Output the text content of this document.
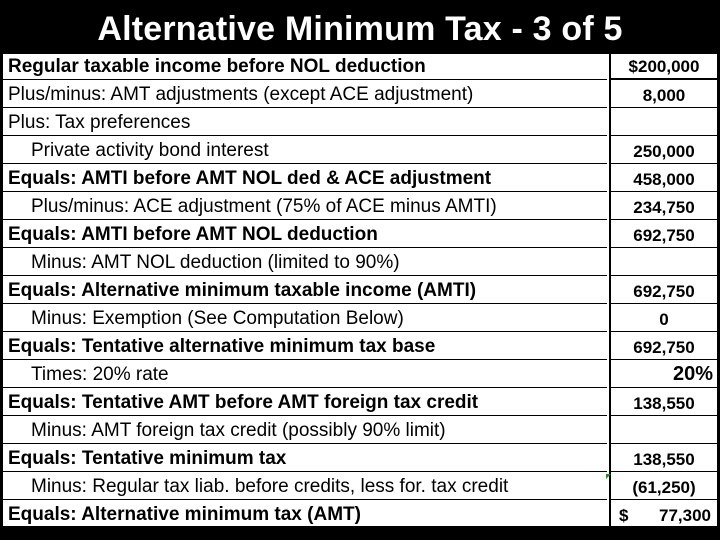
Alternative Minimum Tax - 3 of 5
Regular taxable income before NOL deduction	$200,000
Plus/minus: AMT adjustments (except ACE adjustment)	8,000
Plus: Tax preferences
Private activity bond interest	250,000
Equals: AMTI before AMT NOL ded & ACE adjustment	458,000
Plus/minus: ACE adjustment (75% of ACE minus AMTI)	234,750
Equals: AMTI before AMT NOL deduction	692,750
Minus: AMT NOL deduction (limited to 90%)
Equals: Alternative minimum taxable income (AMTI)	692,750
Minus: Exemption (See Computation Below)	0
Equals: Tentative alternative minimum tax base	692,750
Times: 20% rate	20%
Equals: Tentative AMT before AMT foreign tax credit	138,550
Minus: AMT foreign tax credit (possibly 90% limit)
Equals: Tentative minimum tax	138,550
Minus: Regular tax liab. before credits, less for. tax credit	(61,250)
Equals: Alternative minimum tax (AMT)	$ 77,300
